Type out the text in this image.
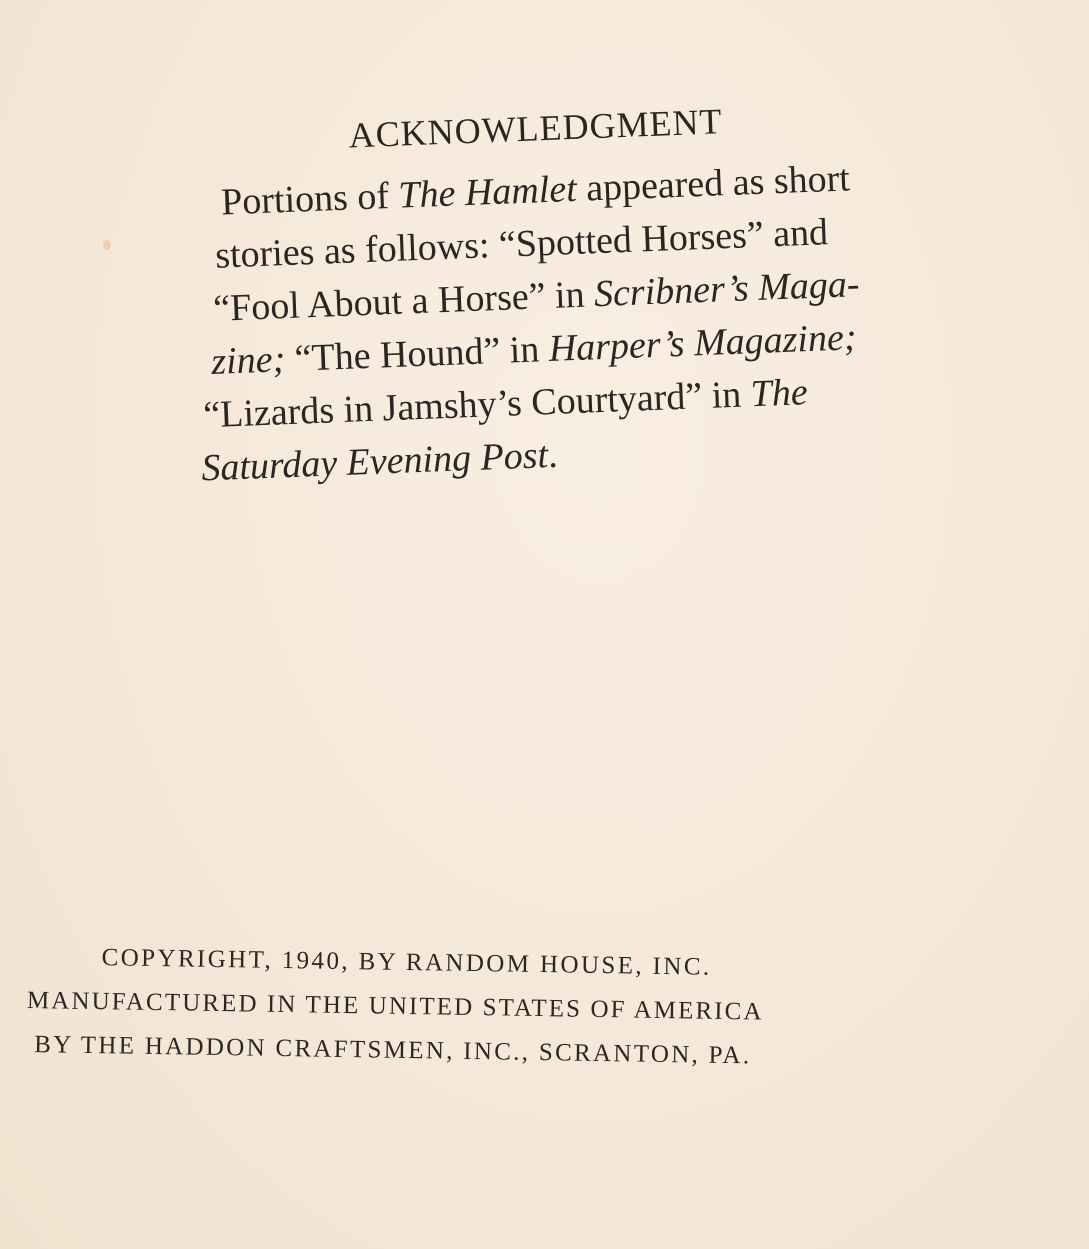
ACKNOWLEDGMENT
Portions of The Hamlet appeared as short
stories as follows: “Spotted Horses” and
“Fool About a Horse” in Scribner’s Maga-
zine; “The Hound” in Harper’s Magazine;
“Lizards in Jamshy’s Courtyard” in The
Saturday Evening Post.
COPYRIGHT, 1940, BY RANDOM HOUSE, INC.
MANUFACTURED IN THE UNITED STATES OF AMERICA
BY THE HADDON CRAFTSMEN, INC., SCRANTON, PA.
